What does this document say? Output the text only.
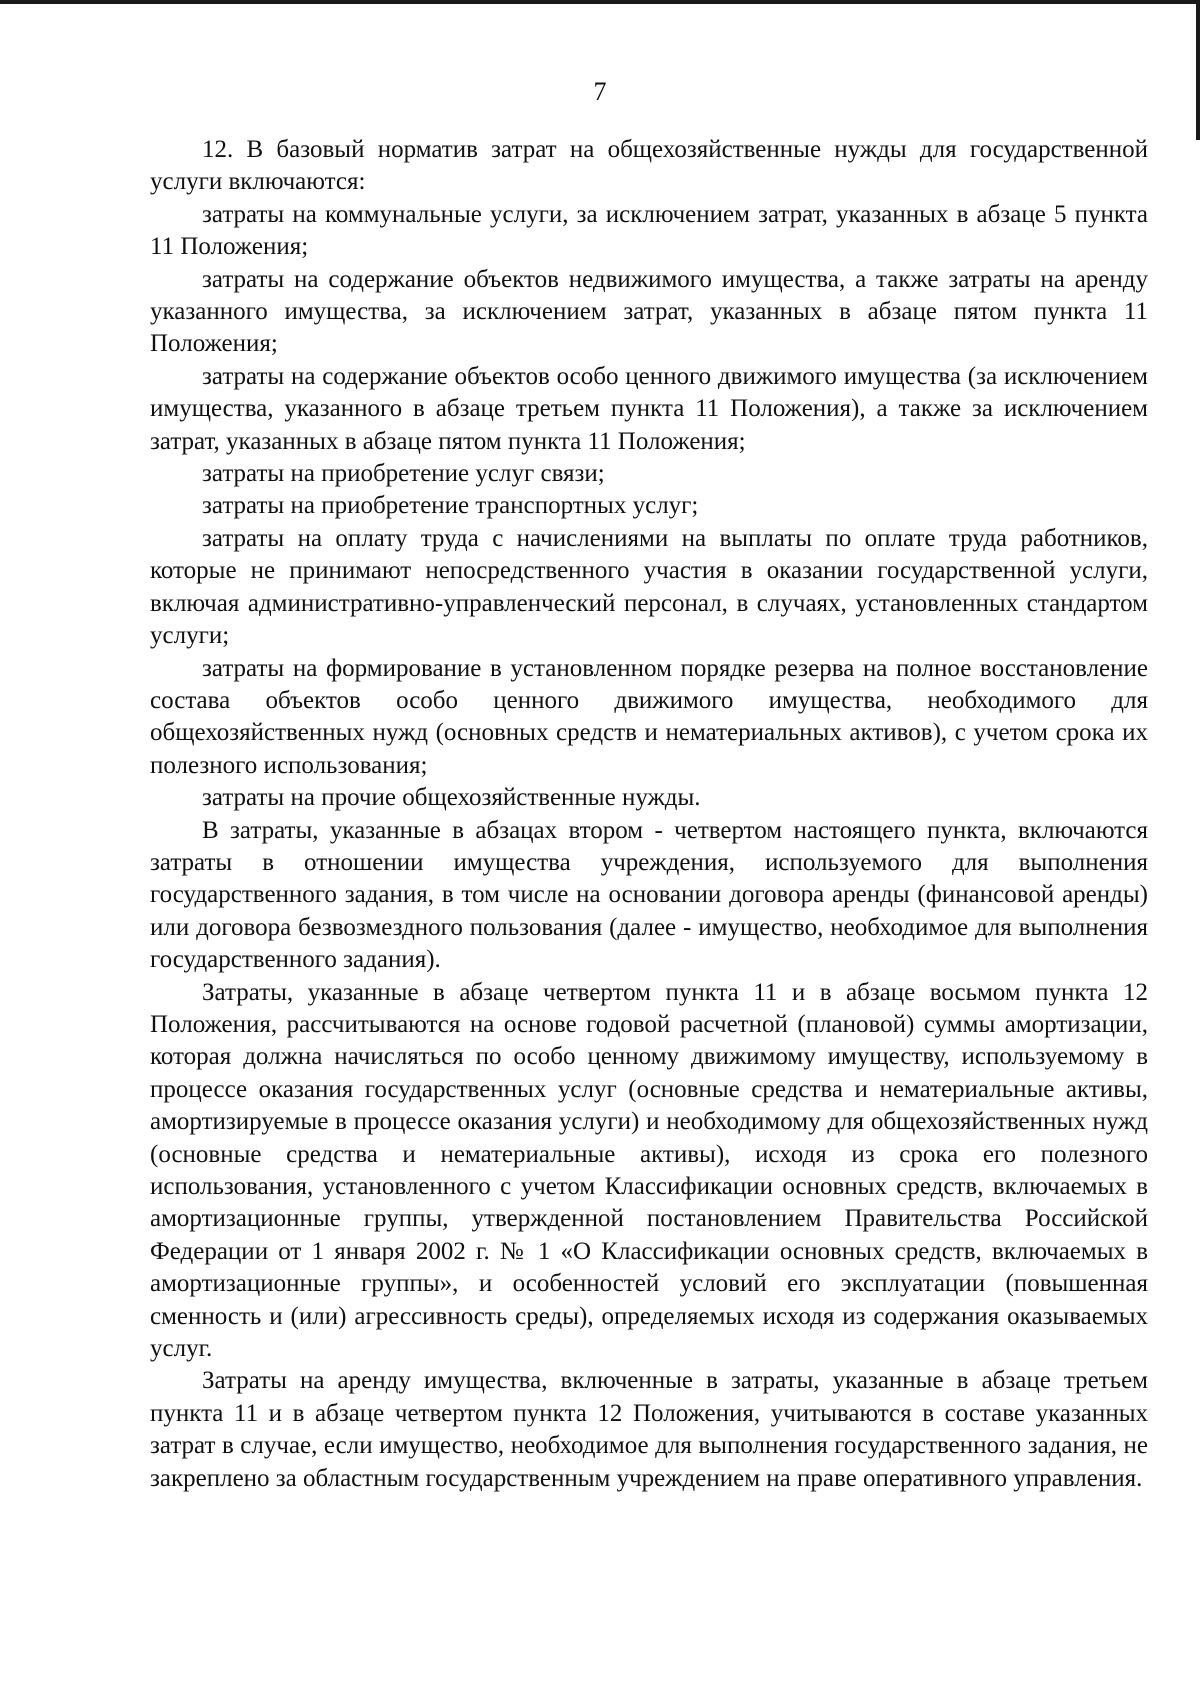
7

12. В базовый норматив затрат на общехозяйственные нужды для государственной услуги включаются:

затраты на коммунальные услуги, за исключением затрат, указанных в абзаце 5 пункта 11 Положения;

затраты на содержание объектов недвижимого имущества, а также затраты на аренду указанного имущества, за исключением затрат, указанных в абзаце пятом пункта 11 Положения;

затраты на содержание объектов особо ценного движимого имущества (за исключением имущества, указанного в абзаце третьем пункта 11 Положения), а также за исключением затрат, указанных в абзаце пятом пункта 11 Положения;

затраты на приобретение услуг связи;

затраты на приобретение транспортных услуг;

затраты на оплату труда с начислениями на выплаты по оплате труда работников, которые не принимают непосредственного участия в оказании государственной услуги, включая административно-управленческий персонал, в случаях, установленных стандартом услуги;

затраты на формирование в установленном порядке резерва на полное восстановление состава объектов особо ценного движимого имущества, необходимого для общехозяйственных нужд (основных средств и нематериальных активов), с учетом срока их полезного использования;

затраты на прочие общехозяйственные нужды.

В затраты, указанные в абзацах втором - четвертом настоящего пункта, включаются затраты в отношении имущества учреждения, используемого для выполнения государственного задания, в том числе на основании договора аренды (финансовой аренды) или договора безвозмездного пользования (далее - имущество, необходимое для выполнения государственного задания).

Затраты, указанные в абзаце четвертом пункта 11 и в абзаце восьмом пункта 12 Положения, рассчитываются на основе годовой расчетной (плановой) суммы амортизации, которая должна начисляться по особо ценному движимому имуществу, используемому в процессе оказания государственных услуг (основные средства и нематериальные активы, амортизируемые в процессе оказания услуги) и необходимому для общехозяйственных нужд (основные средства и нематериальные активы), исходя из срока его полезного использования, установленного с учетом Классификации основных средств, включаемых в амортизационные группы, утвержденной постановлением Правительства Российской Федерации от 1 января 2002 г. № 1 «О Классификации основных средств, включаемых в амортизационные группы», и особенностей условий его эксплуатации (повышенная сменность и (или) агрессивность среды), определяемых исходя из содержания оказываемых услуг.

Затраты на аренду имущества, включенные в затраты, указанные в абзаце третьем пункта 11 и в абзаце четвертом пункта 12 Положения, учитываются в составе указанных затрат в случае, если имущество, необходимое для выполнения государственного задания, не закреплено за областным государственным учреждением на праве оперативного управления.
